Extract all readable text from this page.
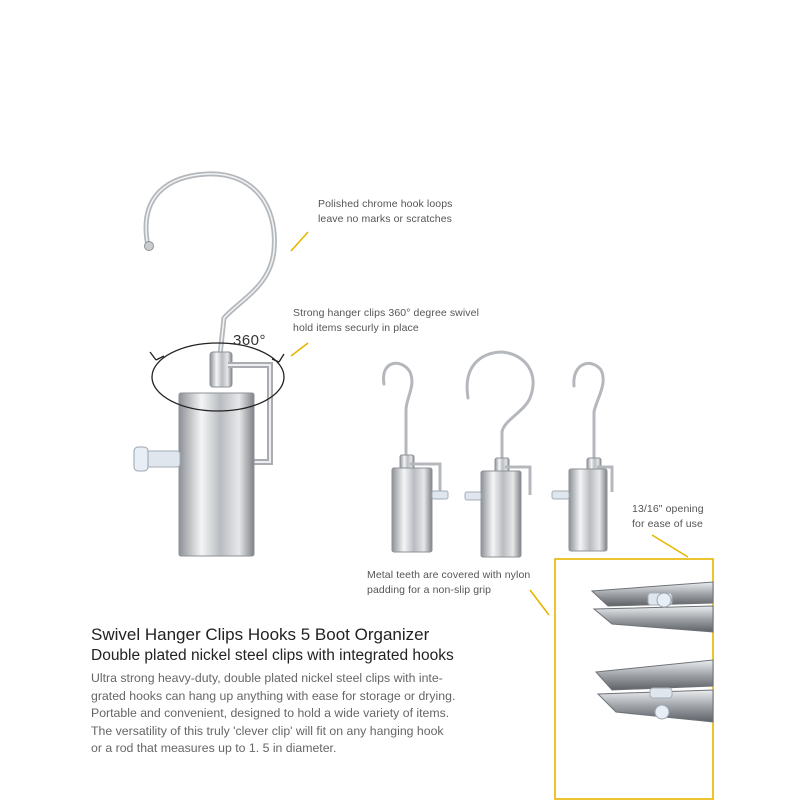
360°
Polished chrome hook loops
leave no marks or scratches
Strong hanger clips 360° degree swivel
hold items securly in place
13/16" opening
for ease of use
Metal teeth are covered with nylon
padding for a non-slip grip
Swivel Hanger Clips Hooks 5 Boot Organizer
Double plated nickel steel clips with integrated hooks
Ultra strong heavy-duty, double plated nickel steel clips with inte-
grated hooks can hang up anything with ease for storage or drying.
Portable and convenient, designed to hold a wide variety of items.
The versatility of this truly 'clever clip' will fit on any hanging hook
or a rod that measures up to 1. 5 in diameter.
